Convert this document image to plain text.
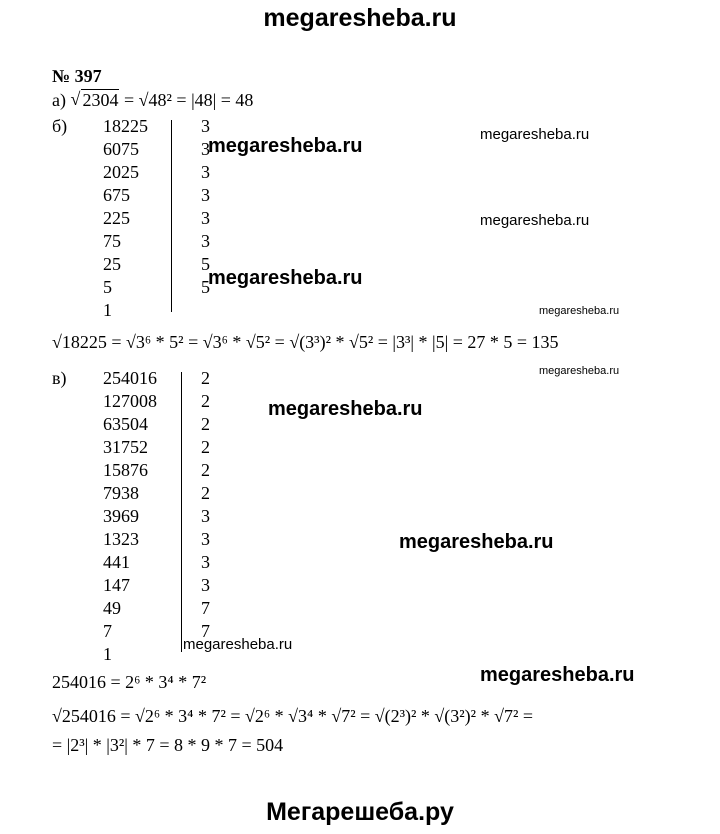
megaresheba.ru
№ 397
а) √ 2304 = √48² = |48| = 48
б) 18225
6075
2025
675
225
75
25
5
1
3
3
3
3
3
3
5
5
√18225 = √3⁶ * 5² = √3⁶ * √5² = √(3³)² * √5² = |3³| * |5| = 27 * 5 = 135
в) 254016
127008
63504
31752
15876
7938
3969
1323
441
147
49
7
1
2
2
2
2
2
2
3
3
3
3
7
7
254016 = 2⁶ * 3⁴ * 7²
√254016 = √2⁶ * 3⁴ * 7² = √2⁶ * √3⁴ * √7² = √(2³)² * √(3²)² * √7² =
= |2³| * |3²| * 7 = 8 * 9 * 7 = 504
megaresheba.ru
megaresheba.ru
megaresheba.ru
megaresheba.ru
megaresheba.ru
megaresheba.ru
megaresheba.ru
megaresheba.ru
megaresheba.ru
megaresheba.ru
Мегарешеба.ру
